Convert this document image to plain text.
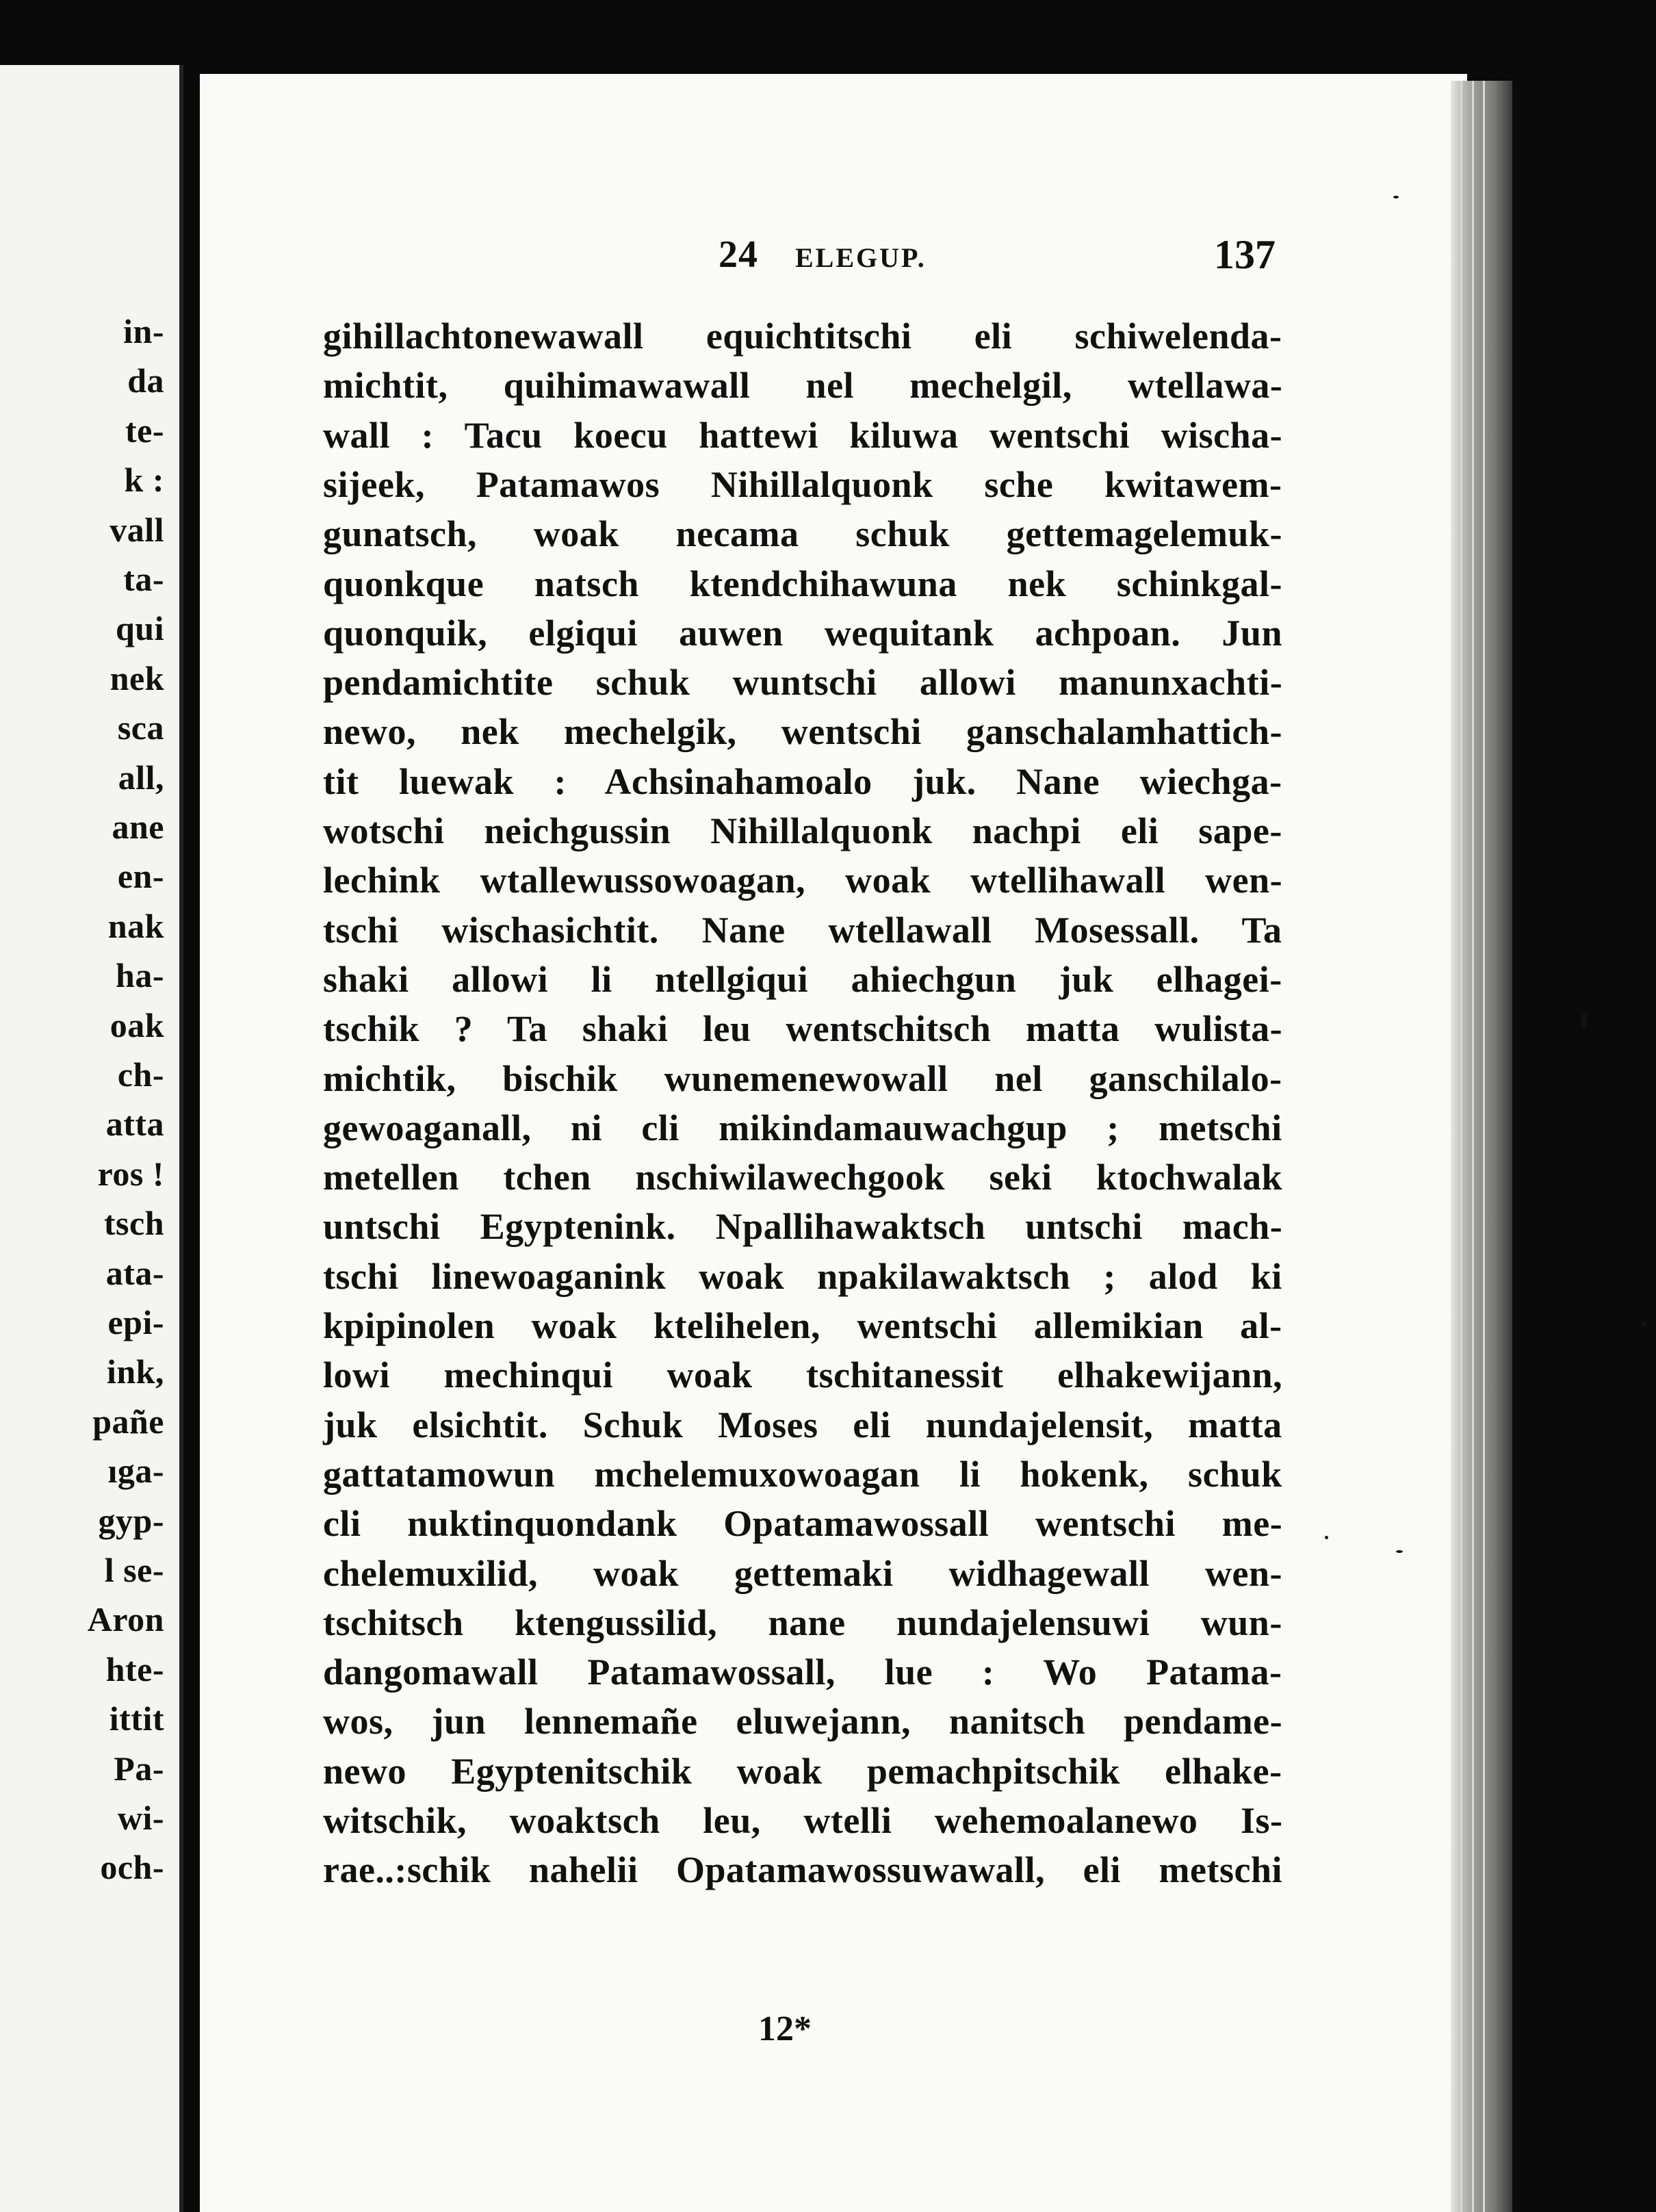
in-
da
te-
k :
vall
ta-
qui
nek
sca
all,
ane
en-
nak
ha-
oak
ch-
atta
ros !
tsch
ata-
epi-
ink,
pañe
ıga-
gyp-
l se-
Aron
hte-
ittit
Pa-
wi-
och-
24 ELEGUP.	137
gihillachtonewawall equichtitschi eli schiwelenda-
michtit, quihimawawall nel mechelgil, wtellawa-
wall : Tacu koecu hattewi kiluwa wentschi wischa-
sijeek, Patamawos Nihillalquonk sche kwitawem-
gunatsch, woak necama schuk gettemagelemuk-
quonkque natsch ktendchihawuna nek schinkgal-
quonquik, elgiqui auwen wequitank achpoan. Jun
pendamichtite schuk wuntschi allowi manunxachti-
newo, nek mechelgik, wentschi ganschalamhattich-
tit luewak : Achsinahamoalo juk. Nane wiechga-
wotschi neichgussin Nihillalquonk nachpi eli sape-
lechink wtallewussowoagan, woak wtellihawall wen-
tschi wischasichtit. Nane wtellawall Mosessall. Ta
shaki allowi li ntellgiqui ahiechgun juk elhagei-
tschik ? Ta shaki leu wentschitsch matta wulista-
michtik, bischik wunemenewowall nel ganschilalo-
gewoaganall, ni cli mikindamauwachgup ; metschi
metellen tchen nschiwilawechgook seki ktochwalak
untschi Egyptenink. Npallihawaktsch untschi mach-
tschi linewoaganink woak npakilawaktsch ; alod ki
kpipinolen woak ktelihelen, wentschi allemikian al-
lowi mechinqui woak tschitanessit elhakewijann,
juk elsichtit. Schuk Moses eli nundajelensit, matta
gattatamowun mchelemuxowoagan li hokenk, schuk
cli nuktinquondank Opatamawossall wentschi me-
chelemuxilid, woak gettemaki widhagewall wen-
tschitsch ktengussilid, nane nundajelensuwi wun-
dangomawall Patamawossall, lue : Wo Patama-
wos, jun lennemañe eluwejann, nanitsch pendame-
newo Egyptenitschik woak pemachpitschik elhake-
witschik, woaktsch leu, wtelli wehemoalanewo Is-
rae..:schik nahelii Opatamawossuwawall, eli metschi
12*
